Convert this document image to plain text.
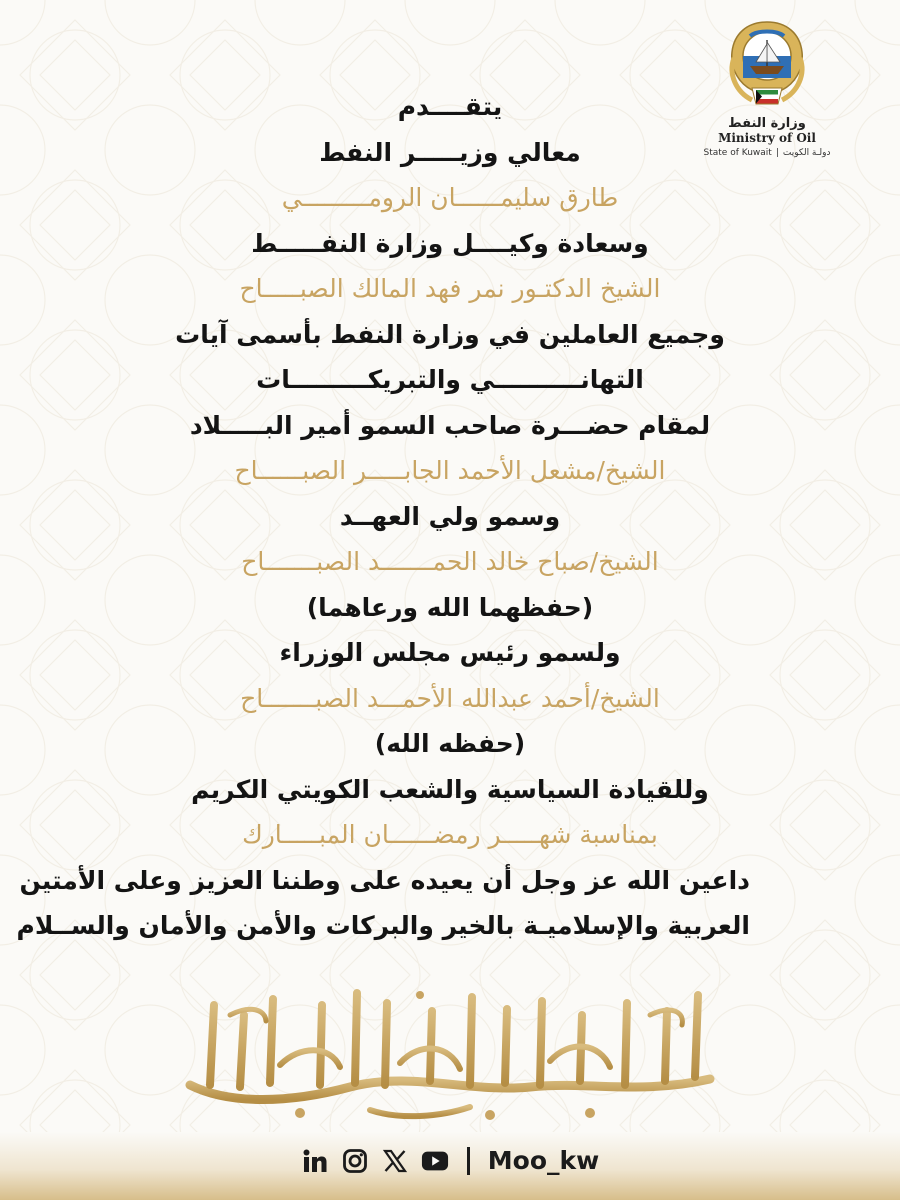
وزارة النفط
Ministry of Oil
State of Kuwait | دولـة الكويت

يتقــــدم

معالي وزيـــــر النفط

طارق سليمــــــان الرومـــــــــي

وسعادة وكيــــل وزارة النفـــــط

الشيخ الدكتـور نمر فهد المالك الصبـــــاح

وجميع العاملين في وزارة النفط بأسمى آيات

التهانــــــــــي والتبريكـــــــــات

لمقام حضـــرة صاحب السمو أمير البـــــلاد

الشيخ/مشعل الأحمد الجابـــــر الصبــــــاح

وسمو ولي العهــد

الشيخ/صباح خالد الحمـــــــد الصبـــــــاح

(حفظهما الله ورعاهما)

ولسمو رئيس مجلس الوزراء

الشيخ/أحمد عبدالله الأحمـــد الصبـــــــاح

(حفظه الله)

وللقيادة السياسية والشعب الكويتي الكريم

بمناسبة شهـــــر رمضــــــان المبـــــارك

داعين الله عز وجل أن يعيده على وطننا العزيز وعلى الأمتين

العربية والإسلاميـة بالخير والبركات والأمن والأمان والســلام

Moo_kw
